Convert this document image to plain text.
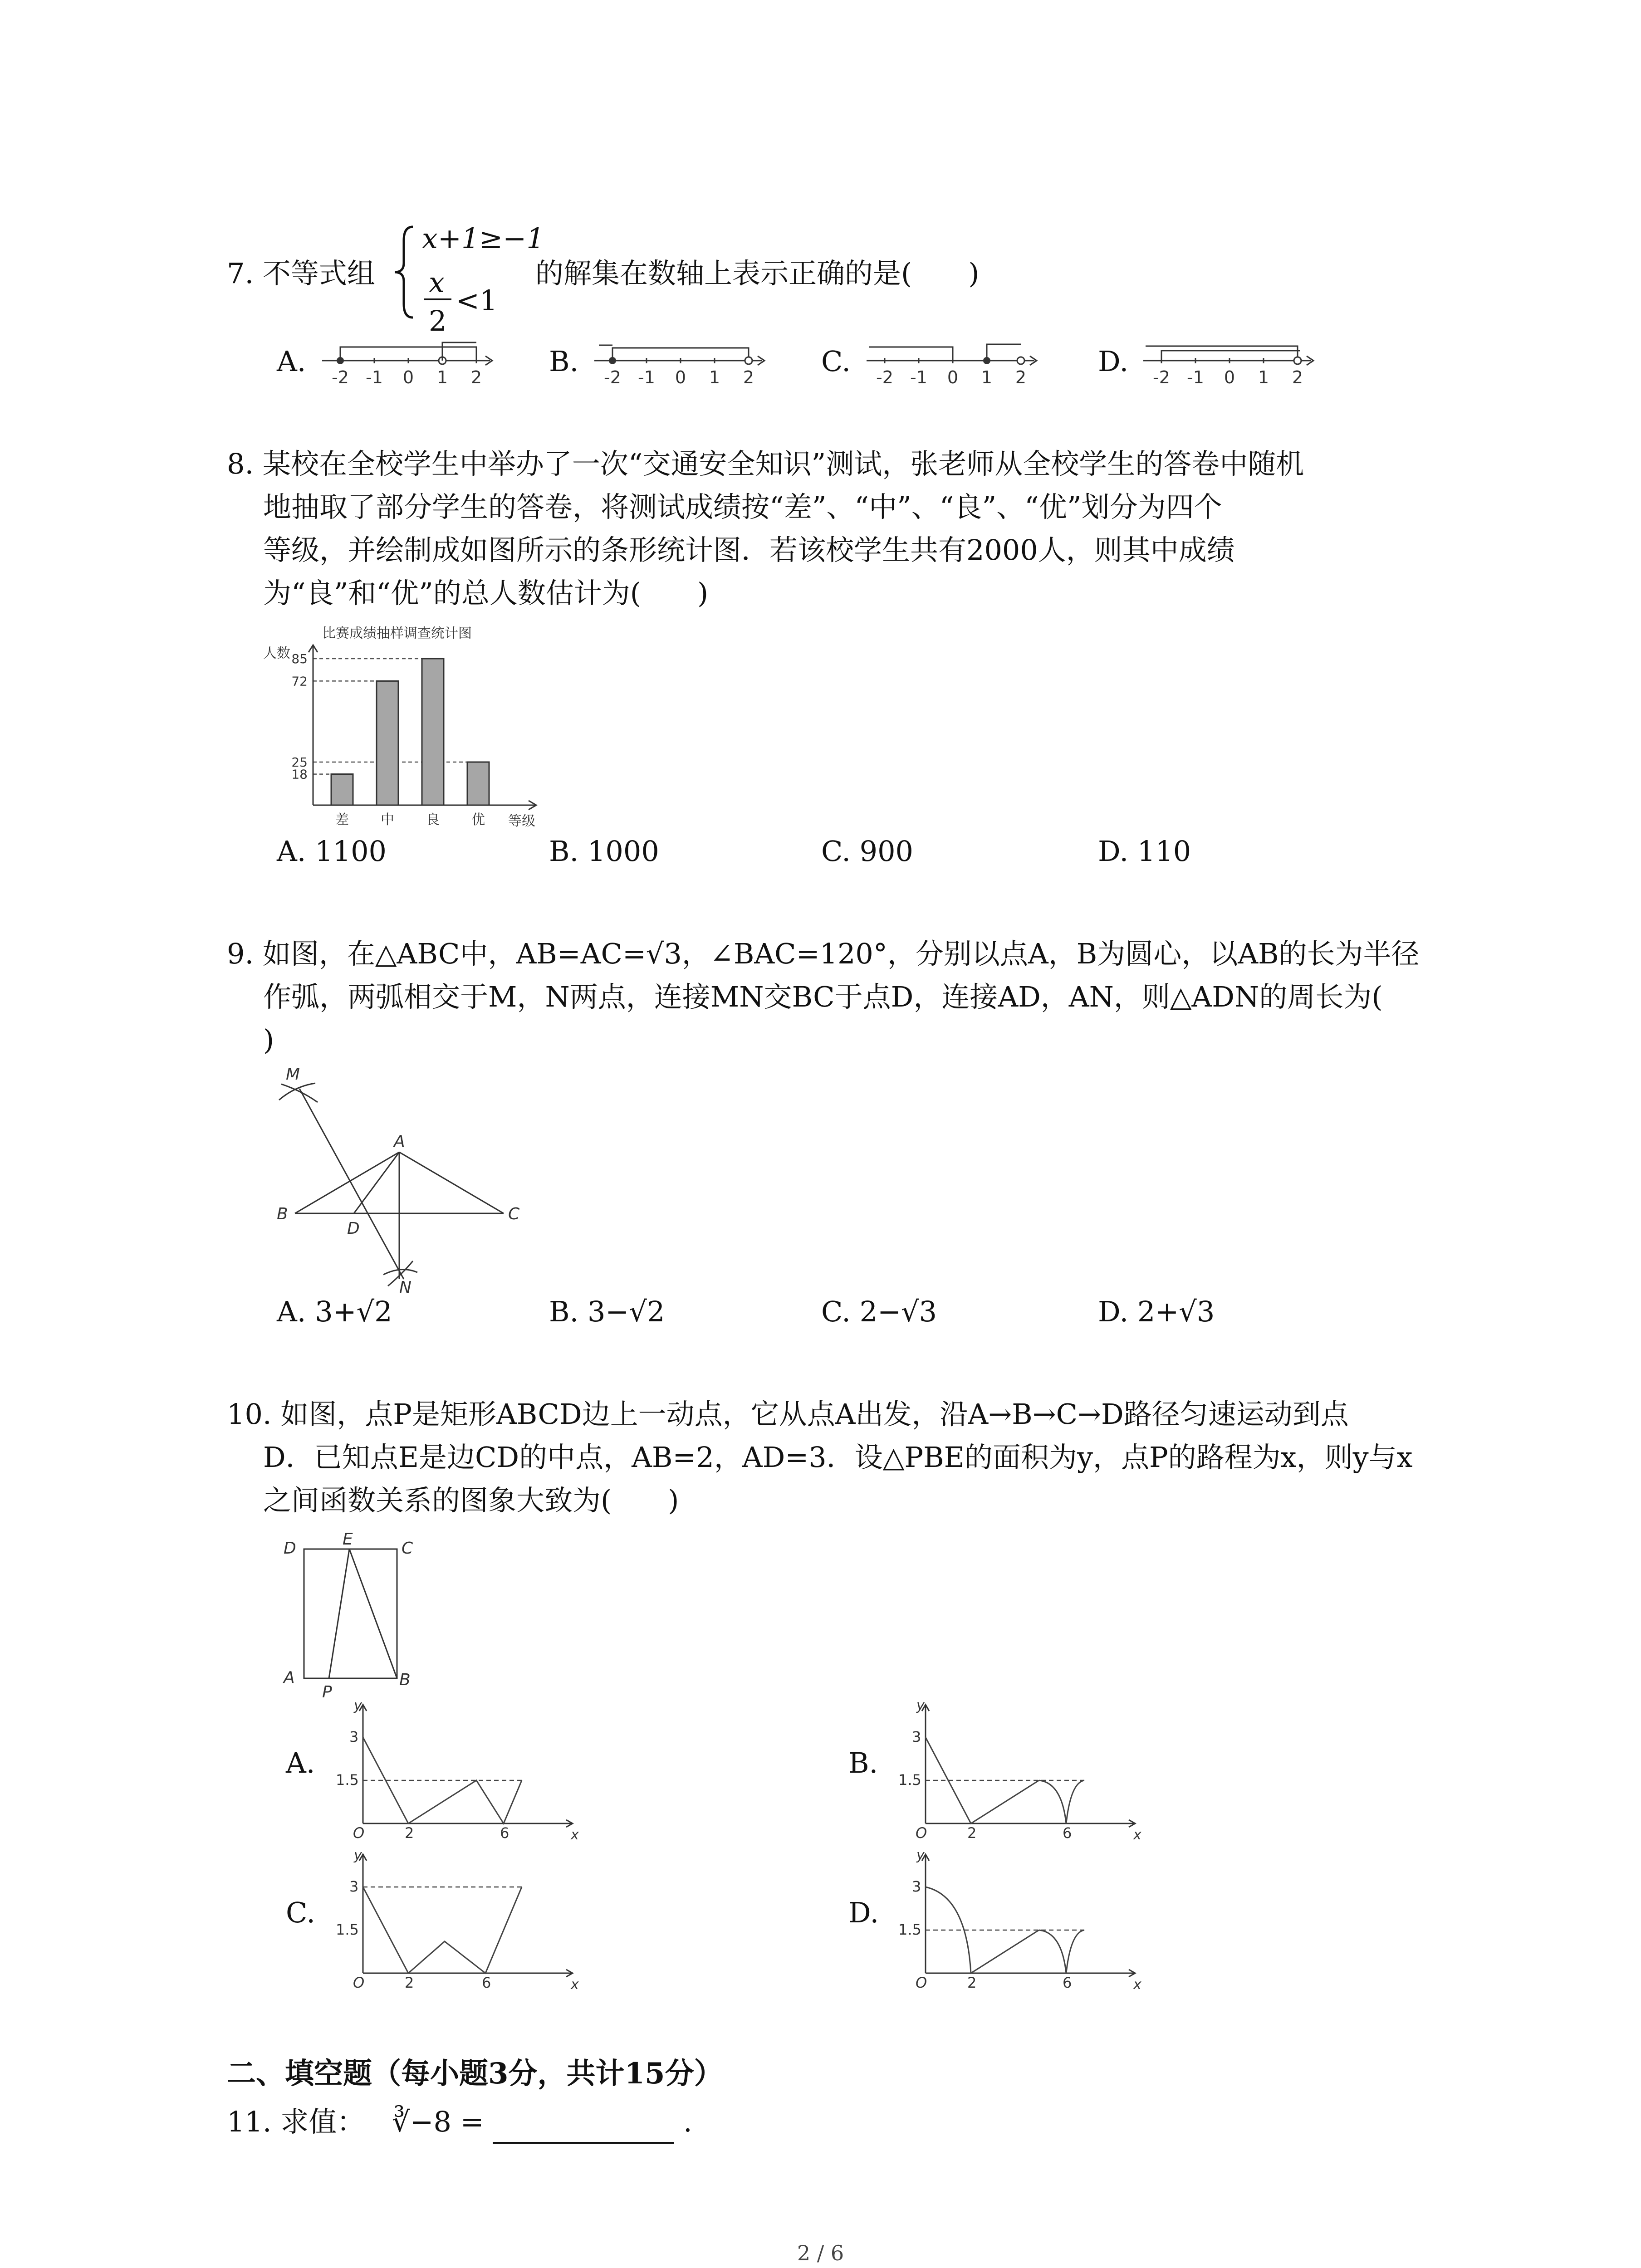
7. 不等式组
x+1≥−1
x
2
<1
的解集在数轴上表示正确的是(　　)
A.	B.	C.	D.
-2 -1 0 1 2	-2 -1 0 1 2	-2 -1 0 1 2	-2 -1 0 1 2
8. 某校在全校学生中举办了一次“交通安全知识”测试，张老师从全校学生的答卷中随机
地抽取了部分学生的答卷，将测试成绩按“差”、“中”、“良”、“优”划分为四个
等级，并绘制成如图所示的条形统计图．若该校学生共有2000人，则其中成绩
为“良”和“优”的总人数估计为(　　)
比赛成绩抽样调查统计图
人数
等级
18
25
72
85
差 中 良 优
A. 1100	B. 1000	C. 900	D. 110
9. 如图，在△ABC中，AB=AC=√3，∠BAC=120°，分别以点A，B为圆心，以AB的长为半径
作弧，两弧相交于M，N两点，连接MN交BC于点D，连接AD，AN，则△ADN的周长为(
)
M
A
B	C
D
N
A. 3+√2	B. 3−√2	C. 2−√3	D. 2+√3
10. 如图，点P是矩形ABCD边上一动点，它从点A出发，沿A→B→C→D路径匀速运动到点
D．已知点E是边CD的中点，AB=2，AD=3．设△PBE的面积为y，点P的路程为x，则y与x
之间函数关系的图象大致为(　　)
D	E	C
A
P
B
A.	B.
C.	D.
y
x
O
3
1.5
2	6
y
x
O
3
1.5
2	6
y
x
O
3
1.5
2	6
y
x
O
3
1.5
2	6
二、填空题（每小题3分，共计15分）
11. 求值： ∛−8 =	.
2 / 6
